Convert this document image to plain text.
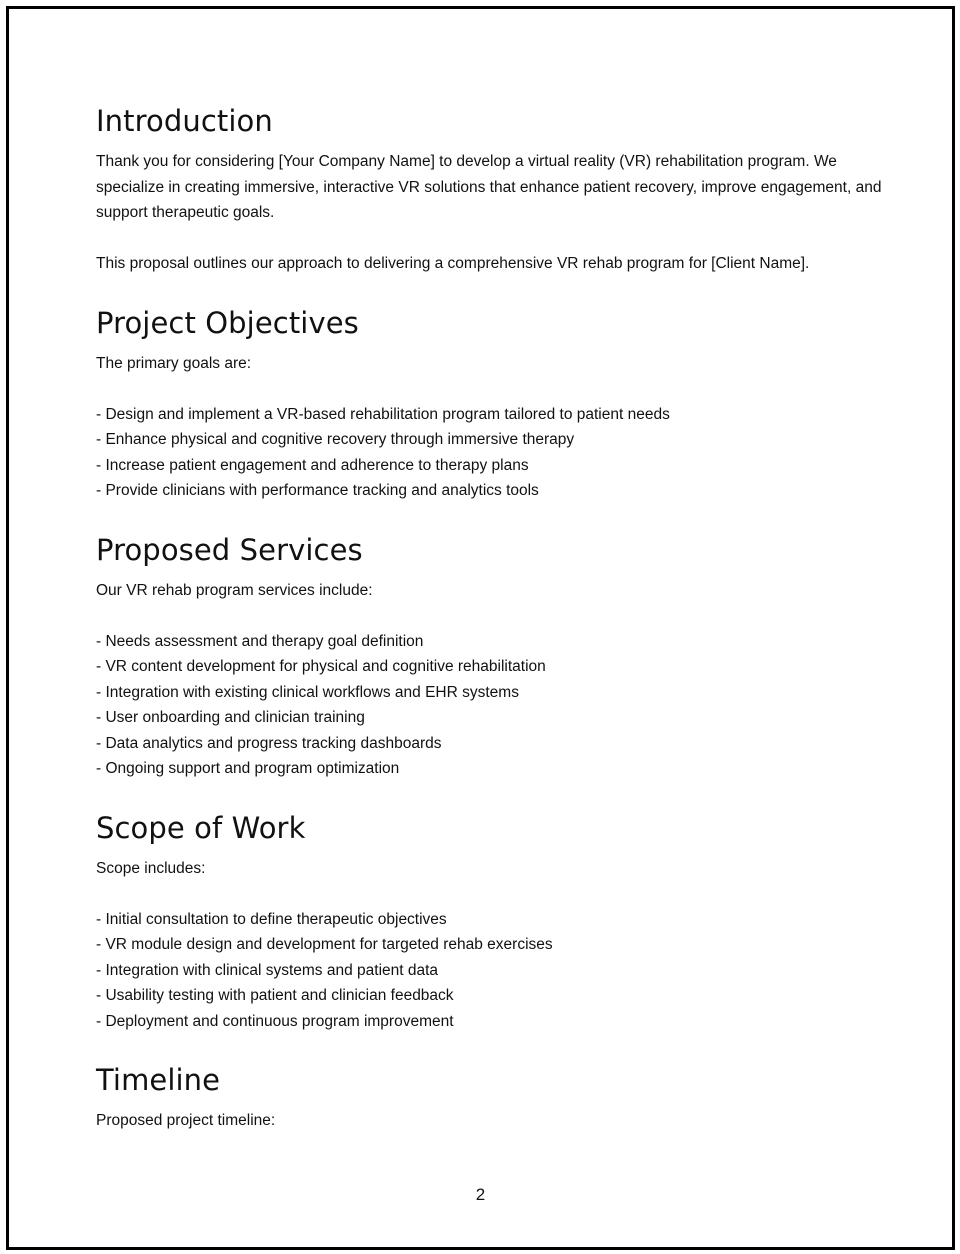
Introduction

Thank you for considering [Your Company Name] to develop a virtual reality (VR) rehabilitation program. We specialize in creating immersive, interactive VR solutions that enhance patient recovery, improve engagement, and support therapeutic goals.

This proposal outlines our approach to delivering a comprehensive VR rehab program for [Client Name].

Project Objectives

The primary goals are:

- Design and implement a VR-based rehabilitation program tailored to patient needs
- Enhance physical and cognitive recovery through immersive therapy
- Increase patient engagement and adherence to therapy plans
- Provide clinicians with performance tracking and analytics tools
Proposed Services

Our VR rehab program services include:

- Needs assessment and therapy goal definition
- VR content development for physical and cognitive rehabilitation
- Integration with existing clinical workflows and EHR systems
- User onboarding and clinician training
- Data analytics and progress tracking dashboards
- Ongoing support and program optimization
Scope of Work

Scope includes:

- Initial consultation to define therapeutic objectives
- VR module design and development for targeted rehab exercises
- Integration with clinical systems and patient data
- Usability testing with patient and clinician feedback
- Deployment and continuous program improvement
Timeline

Proposed project timeline:

2
